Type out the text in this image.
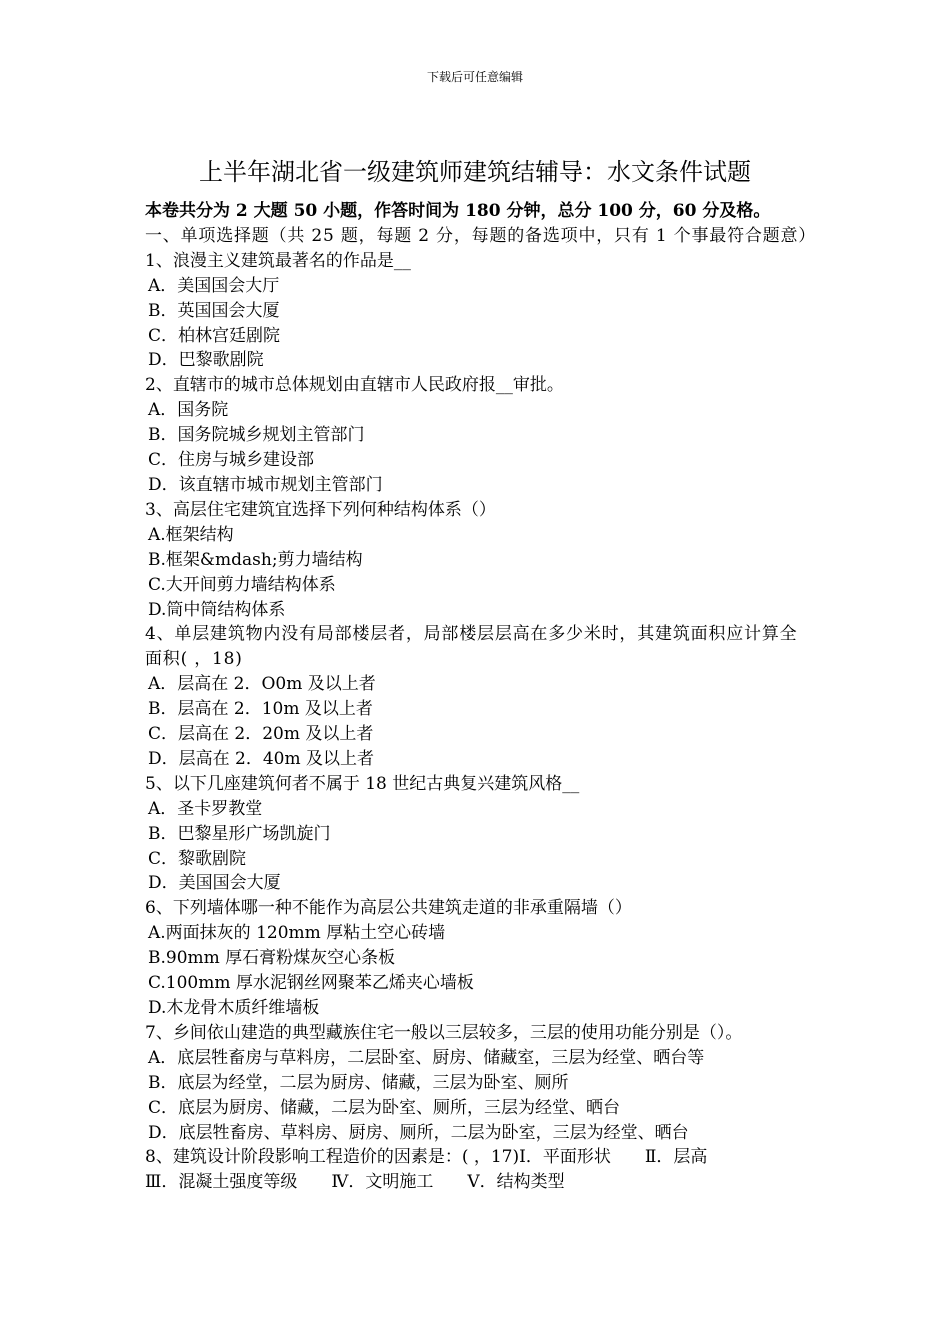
下载后可任意编辑
上半年湖北省一级建筑师建筑结辅导：水文条件试题
本卷共分为 2 大题 50 小题，作答时间为 180 分钟，总分 100 分，60 分及格。
一、单项选择题（共 25 题，每题 2 分，每题的备选项中，只有 1 个事最符合题意）
1、浪漫主义建筑最著名的作品是__
A．美国国会大厅
B．英国国会大厦
C．柏林宫廷剧院
D．巴黎歌剧院
2、直辖市的城市总体规划由直辖市人民政府报__审批。
A．国务院
B．国务院城乡规划主管部门
C．住房与城乡建设部
D．该直辖市城市规划主管部门
3、高层住宅建筑宜选择下列何种结构体系（）
A.框架结构
B.框架&mdash;剪力墙结构
C.大开间剪力墙结构体系
D.筒中筒结构体系
4、单层建筑物内没有局部楼层者，局部楼层层高在多少米时，其建筑面积应计算全面积( ，18)
A．层高在 2．O0m 及以上者
B．层高在 2．10m 及以上者
C．层高在 2．20m 及以上者
D．层高在 2．40m 及以上者
5、以下几座建筑何者不属于 18 世纪古典复兴建筑风格__
A．圣卡罗教堂
B．巴黎星形广场凯旋门
C．黎歌剧院
D．美国国会大厦
6、下列墙体哪一种不能作为高层公共建筑走道的非承重隔墙（）
A.两面抹灰的 120mm 厚粘土空心砖墙
B.90mm 厚石膏粉煤灰空心条板
C.100mm 厚水泥钢丝网聚苯乙烯夹心墙板
D.木龙骨木质纤维墙板
7、乡间依山建造的典型藏族住宅一般以三层较多，三层的使用功能分别是（）。
A．底层牲畜房与草料房，二层卧室、厨房、储藏室，三层为经堂、晒台等
B．底层为经堂，二层为厨房、储藏，三层为卧室、厕所
C．底层为厨房、储藏，二层为卧室、厕所，三层为经堂、晒台
D．底层牲畜房、草料房、厨房、厕所，二层为卧室，三层为经堂、晒台
8、建筑设计阶段影响工程造价的因素是：( ，17)Ⅰ．平面形状　　Ⅱ．层高
Ⅲ．混凝土强度等级　　Ⅳ．文明施工　　Ⅴ．结构类型
